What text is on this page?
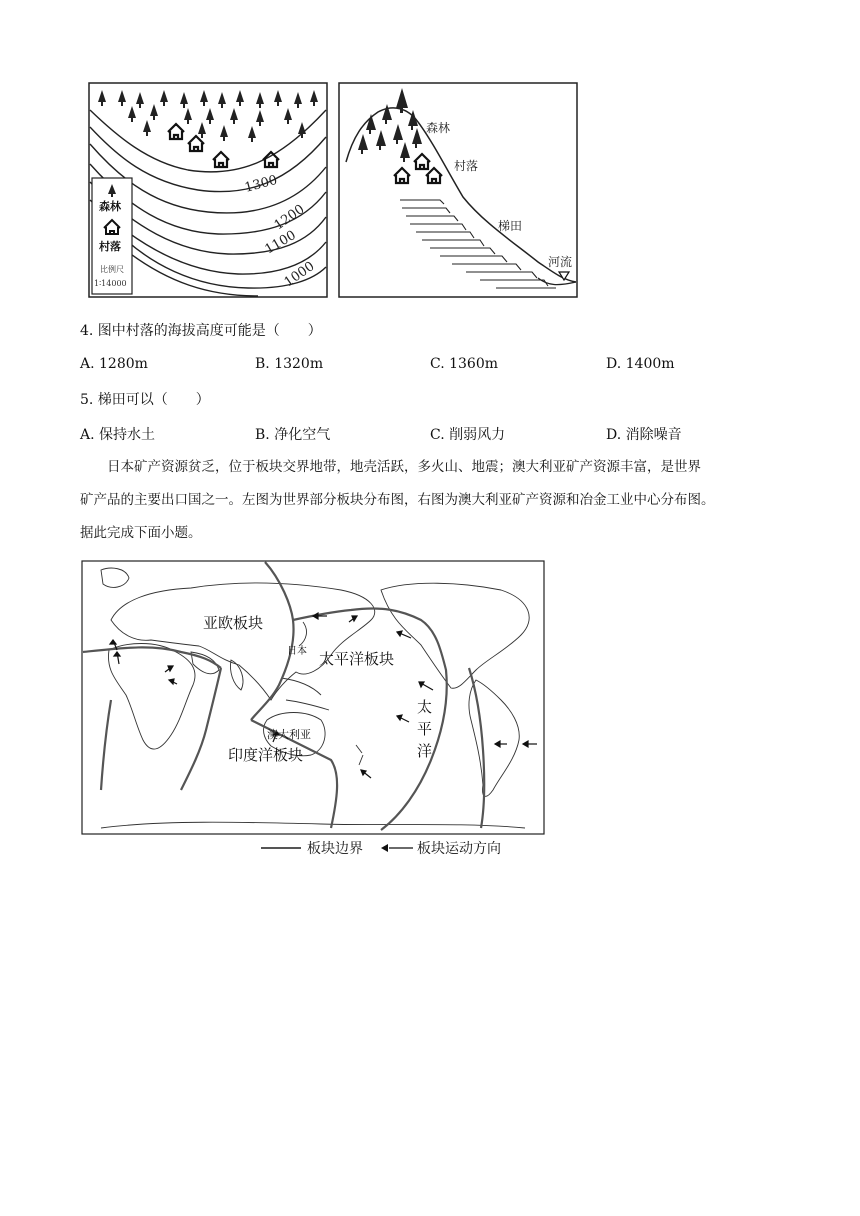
1300
1200
1100
1000
森林
村落
比例尺
1∶14000
森林
村落
梯田
河流
4. 图中村落的海拔高度可能是（　　）
A. 1280m	B. 1320m	C. 1360m	D. 1400m
5. 梯田可以（　　）
A. 保持水土	B. 净化空气	C. 削弱风力	D. 消除噪音

日本矿产资源贫乏，位于板块交界地带，地壳活跃，多火山、地震；澳大利亚矿产资源丰富，是世界

矿产品的主要出口国之一。左图为世界部分板块分布图，右图为澳大利亚矿产资源和冶金工业中心分布图。

据此完成下面小题。

亚欧板块
太平洋板块
印度洋板块
日本
澳大利亚
太
平
洋
板块边界	板块运动方向
